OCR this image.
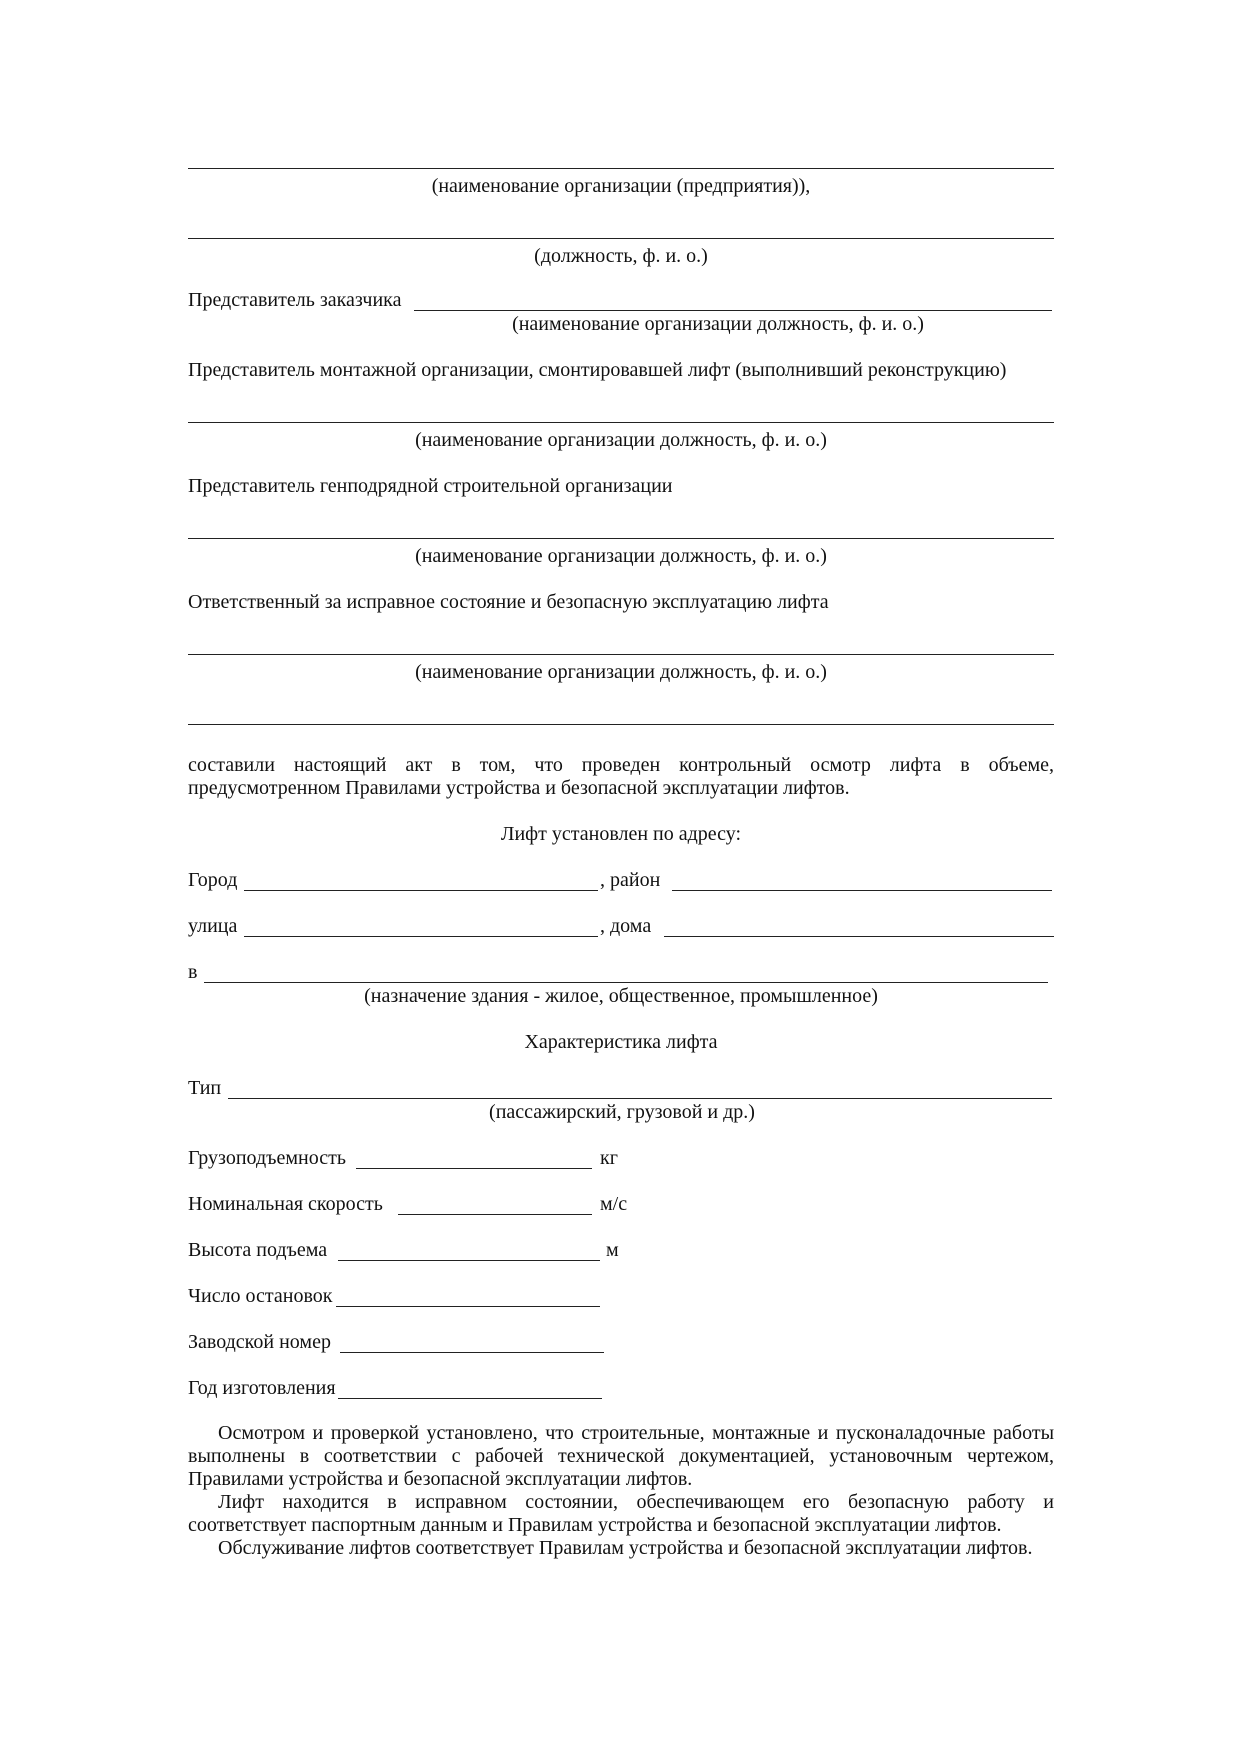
(наименование организации (предприятия)),
(должность, ф. и. о.)
Представитель заказчика
(наименование организации должность, ф. и. о.)
Представитель монтажной организации, смонтировавшей лифт (выполнивший реконструкцию)
(наименование организации должность, ф. и. о.)
Представитель генподрядной строительной организации
(наименование организации должность, ф. и. о.)
Ответственный за исправное состояние и безопасную эксплуатацию лифта
(наименование организации должность, ф. и. о.)
составили настоящий акт в том, что проведен контрольный осмотр лифта в объеме, предусмотренном Правилами устройства и безопасной эксплуатации лифтов.
Лифт установлен по адресу:
Город	, район
улица	, дома
в
(назначение здания - жилое, общественное, промышленное)
Характеристика лифта
Тип
(пассажирский, грузовой и др.)
Грузоподъемность	кг
Номинальная скорость	м/с
Высота подъема	м
Число остановок
Заводской номер
Год изготовления

Осмотром и проверкой установлено, что строительные, монтажные и пусконаладочные работы выполнены в соответствии с рабочей технической документацией, установочным чертежом, Правилами устройства и безопасной эксплуатации лифтов.

Лифт находится в исправном состоянии, обеспечивающем его безопасную работу и соответствует паспортным данным и Правилам устройства и безопасной эксплуатации лифтов.

Обслуживание лифтов соответствует Правилам устройства и безопасной эксплуатации лифтов.
